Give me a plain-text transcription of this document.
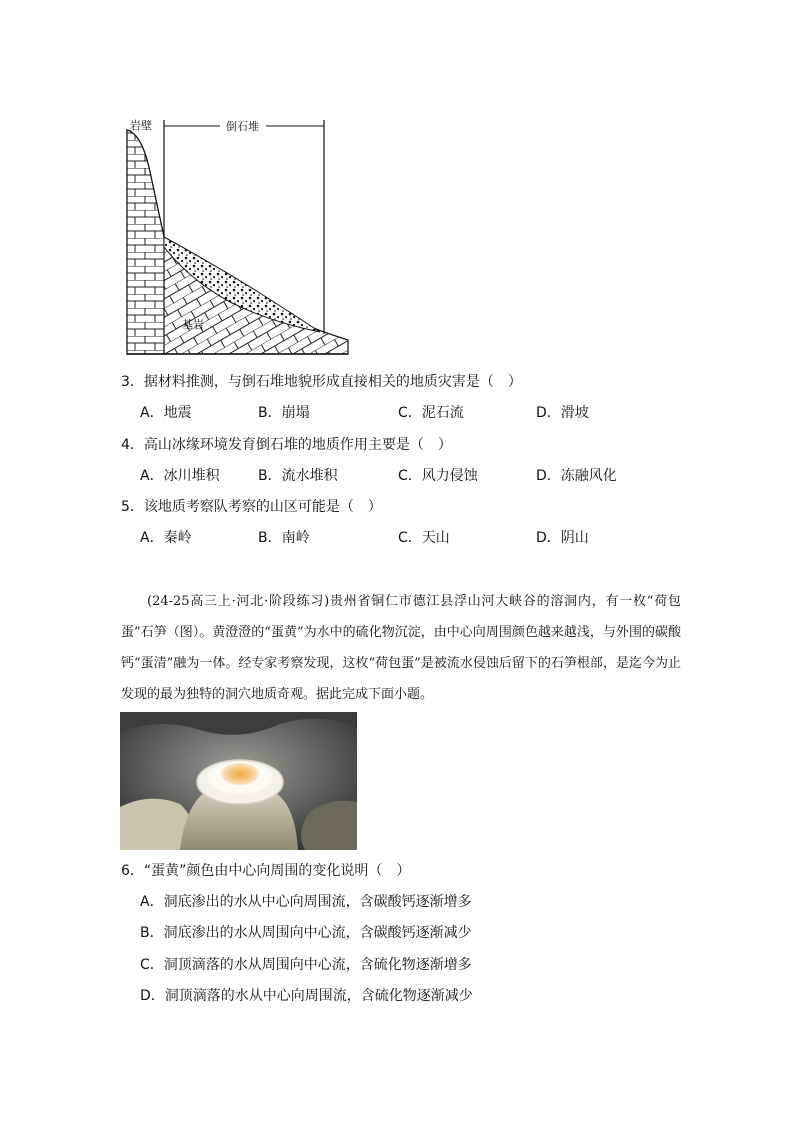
岩壁	倒石堆
基岩
3．据材料推测，与倒石堆地貌形成直接相关的地质灾害是（　）
A．地震	B．崩塌	C．泥石流	D．滑坡
4．高山冰缘环境发育倒石堆的地质作用主要是（　）
A．冰川堆积	B．流水堆积	C．风力侵蚀	D．冻融风化
5．该地质考察队考察的山区可能是（　）
A．秦岭	B．南岭	C．天山	D．阴山
(24-25高三上·河北·阶段练习)贵州省铜仁市德江县浮山河大峡谷的溶洞内，有一枚“荷包蛋”石笋（图）。黄澄澄的“蛋黄”为水中的硫化物沉淀，由中心向周围颜色越来越浅，与外围的碳酸钙“蛋清”融为一体。经专家考察发现，这枚“荷包蛋”是被流水侵蚀后留下的石笋根部，是迄今为止发现的最为独特的洞穴地质奇观。据此完成下面小题。
6．“蛋黄”颜色由中心向周围的变化说明（　）
A．洞底渗出的水从中心向周围流，含碳酸钙逐渐增多
B．洞底渗出的水从周围向中心流，含碳酸钙逐渐减少
C．洞顶滴落的水从周围向中心流，含硫化物逐渐增多
D．洞顶滴落的水从中心向周围流，含硫化物逐渐减少
